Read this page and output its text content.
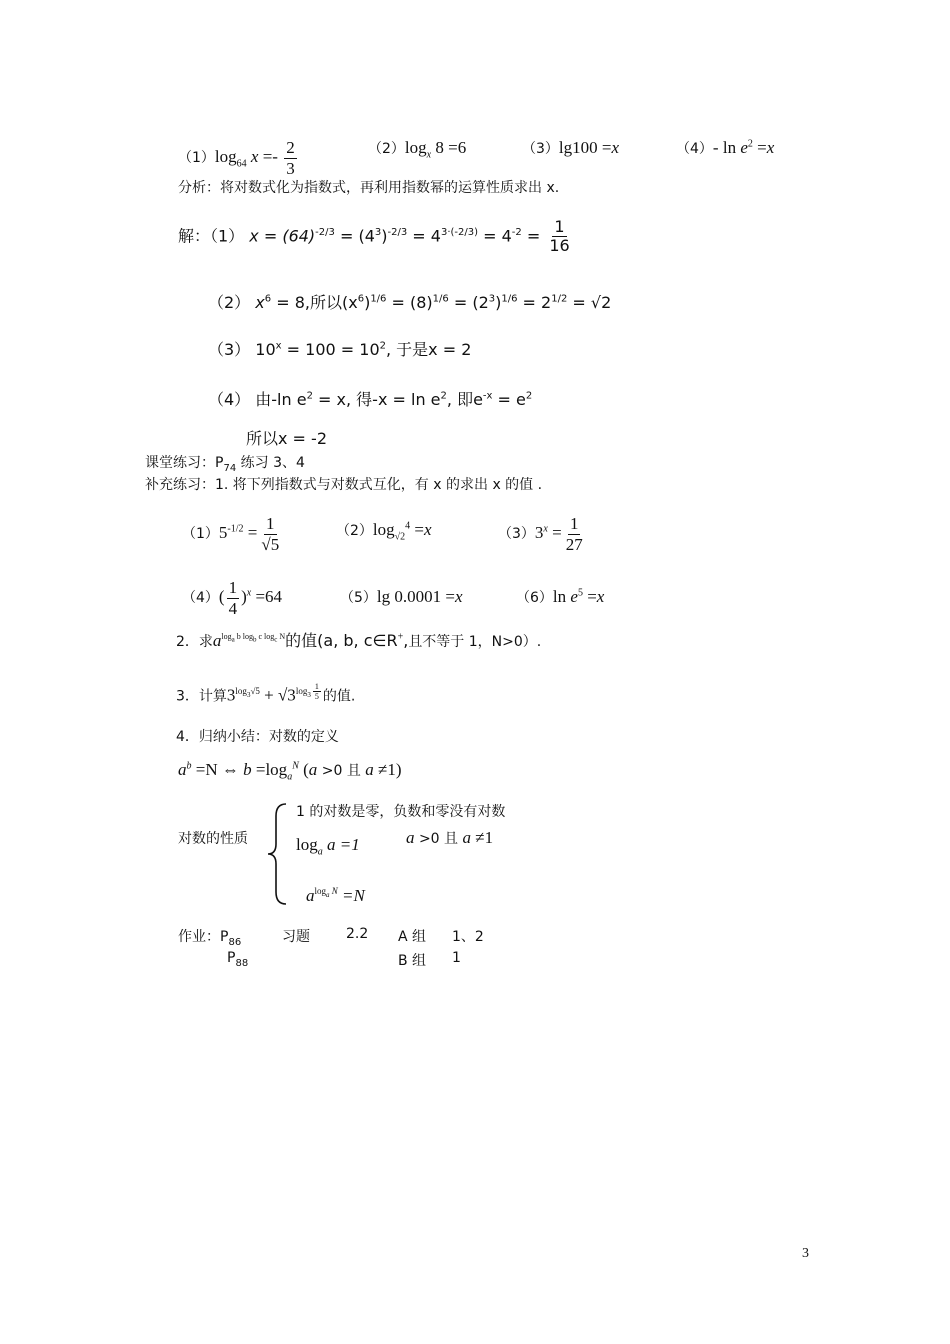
$(1)\log_{64}$ $x =- \frac{2}{3}$	$(2)\log_x$ 8 =6	（3）lg100 =x	（4）- $\ln e^2 =x$
分析：将对数式化为指数式，再利用指数幂的运算性质求出 x.
解：（1） $x = (64)^{-2/3} = (4^3)^{-2/3} = 4^{3\cdot(-2/3)} = 4^{-2} = \frac{1}{16}$
（2） $x^6 = 8$,所以$(x^6)^{1/6} = (8)^{1/6} = (2^3)^{1/6} = 2^{1/2} = √2$
（3） $10^x = 100 = 10^2$, 于是x = 2
（4） 由-ln $e^2 = x$, 得$-x = \ln e^2$, 即$e^{-x} = e^2$
所以x = -2
课堂练习：$P_{74}$ 练习 3、4
补充练习：1. 将下列指数式与对数式互化，有 x 的求出 x 的值 .
$(1)5^{-1/2} = \frac{1}{√5}$	$(2)\log_{√2}^4 =x$	$(3)3^x = \frac{1}{27}$
$(4)( \frac{1}{4} )^x =64$	（5）lg 0.0001 =x	（6）ln $e^5 =x$
2．求$a^{loga b logb c logc N}$的值(a, b, c∈R+,且不等于 1，N>0）.
3．计算$3^{log_3√5} + √3^{log_3 \frac{1}{5}}$ 的值.
4．归纳小结：对数的定义
$a^b =N$ ⇔ $b =\log_a^N$ (a >0 且 a ≠1)
对数的性质
1 的对数是零，负数和零没有对数
$\log_a a =1$	a >0 且 a ≠1
$a^{log_a N} =N$
作业：$P_{86}$	习题	2.2 A 组 1、2
$P_{88}$	B 组 1
3
